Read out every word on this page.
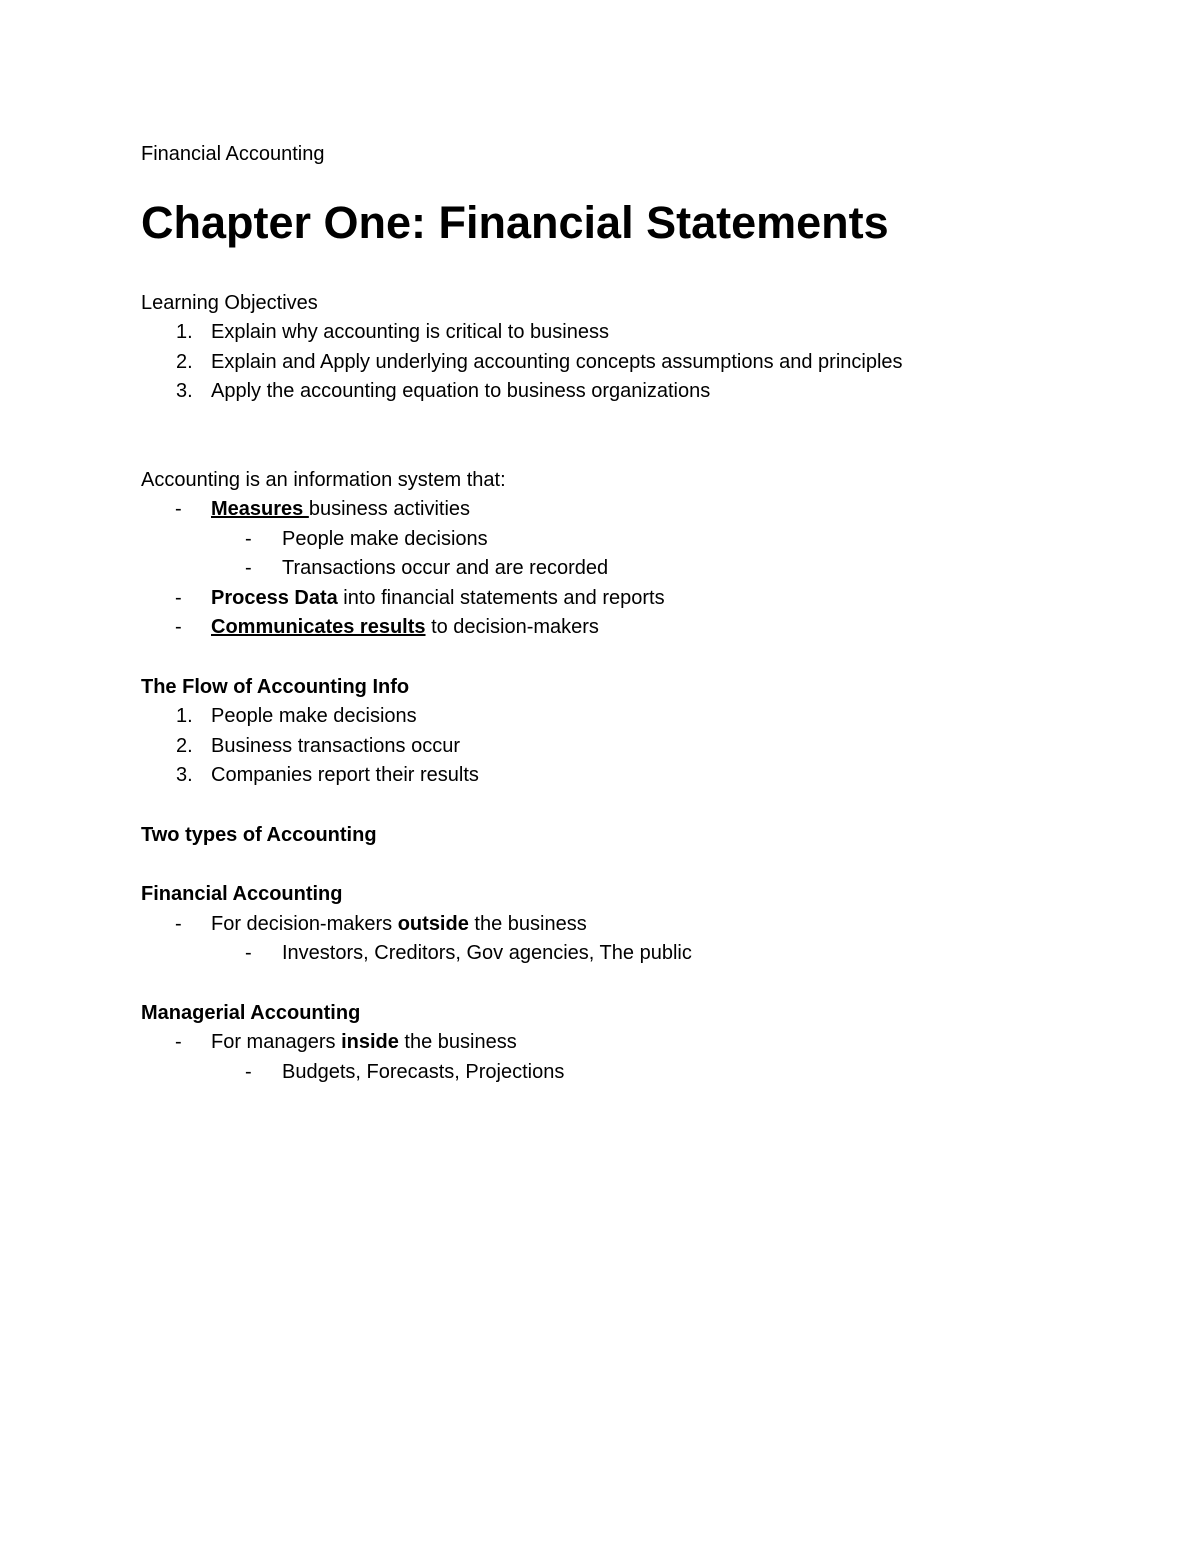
Financial Accounting

Chapter One: Financial Statements

Learning Objectives

1. Explain why accounting is critical to business

2. Explain and Apply underlying accounting concepts assumptions and principles

3. Apply the accounting equation to business organizations

Accounting is an information system that:

- Measures business activities

- People make decisions

- Transactions occur and are recorded

- Process Data into financial statements and reports

- Communicates results to decision-makers

The Flow of Accounting Info

1. People make decisions

2. Business transactions occur

3. Companies report their results

Two types of Accounting

Financial Accounting

- For decision-makers outside the business

- Investors, Creditors, Gov agencies, The public

Managerial Accounting

- For managers inside the business

- Budgets, Forecasts, Projections
